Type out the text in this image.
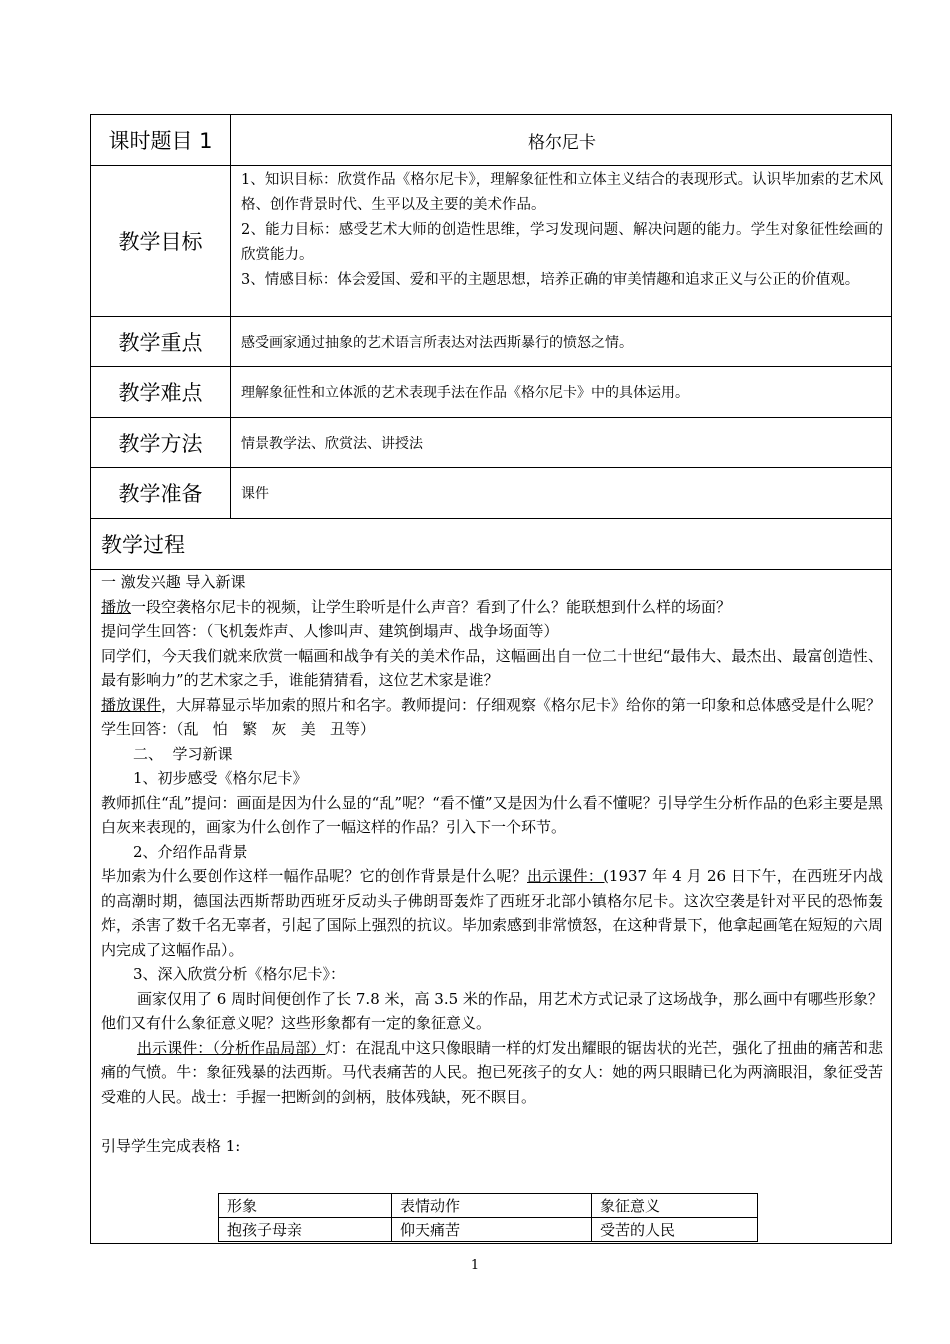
课时题目 1	格尔尼卡
教学目标

1、知识目标：欣赏作品《格尔尼卡》，理解象征性和立体主义结合的表现形式。认识毕加索的艺术风格、创作背景时代、生平以及主要的美术作品。

2、能力目标：感受艺术大师的创造性思维，学习发现问题、解决问题的能力。学生对象征性绘画的欣赏能力。

3、情感目标：体会爱国、爱和平的主题思想，培养正确的审美情趣和追求正义与公正的价值观。

教学重点	感受画家通过抽象的艺术语言所表达对法西斯暴行的愤怒之情。
教学难点	理解象征性和立体派的艺术表现手法在作品《格尔尼卡》中的具体运用。
教学方法	情景教学法、欣赏法、讲授法
教学准备	课件
教学过程

一 激发兴趣 导入新课

播放一段空袭格尔尼卡的视频，让学生聆听是什么声音？看到了什么？能联想到什么样的场面？

提问学生回答：（飞机轰炸声、人惨叫声、建筑倒塌声、战争场面等）

同学们，今天我们就来欣赏一幅画和战争有关的美术作品，这幅画出自一位二十世纪“最伟大、最杰出、最富创造性、最有影响力”的艺术家之手，谁能猜猜看，这位艺术家是谁？

播放课件，大屏幕显示毕加索的照片和名字。教师提问：仔细观察《格尔尼卡》给你的第一印象和总体感受是什么呢？

学生回答：（乱   怕   繁   灰   美   丑等）

二、  学习新课

1、初步感受《格尔尼卡》

教师抓住“乱”提问：画面是因为什么显的“乱”呢？“看不懂”又是因为什么看不懂呢？引导学生分析作品的色彩主要是黑白灰来表现的，画家为什么创作了一幅这样的作品？引入下一个环节。

2、介绍作品背景

毕加索为什么要创作这样一幅作品呢？它的创作背景是什么呢？出示课件：(1937 年 4 月 26 日下午，在西班牙内战的高潮时期，德国法西斯帮助西班牙反动头子佛朗哥轰炸了西班牙北部小镇格尔尼卡。这次空袭是针对平民的恐怖轰炸，杀害了数千名无辜者，引起了国际上强烈的抗议。毕加索感到非常愤怒，在这种背景下，他拿起画笔在短短的六周内完成了这幅作品）。

3、深入欣赏分析《格尔尼卡》：

画家仅用了 6 周时间便创作了长 7.8 米，高 3.5 米的作品，用艺术方式记录了这场战争，那么画中有哪些形象？他们又有什么象征意义呢？这些形象都有一定的象征意义。

出示课件：（分析作品局部）灯：在混乱中这只像眼睛一样的灯发出耀眼的锯齿状的光芒，强化了扭曲的痛苦和悲痛的气愤。牛：象征残暴的法西斯。马代表痛苦的人民。抱已死孩子的女人：她的两只眼睛已化为两滴眼泪，象征受苦受难的人民。战士：手握一把断剑的剑柄，肢体残缺，死不瞑目。

引导学生完成表格 1:

形象	表情动作	象征意义
抱孩子母亲	仰天痛苦	受苦的人民
1
